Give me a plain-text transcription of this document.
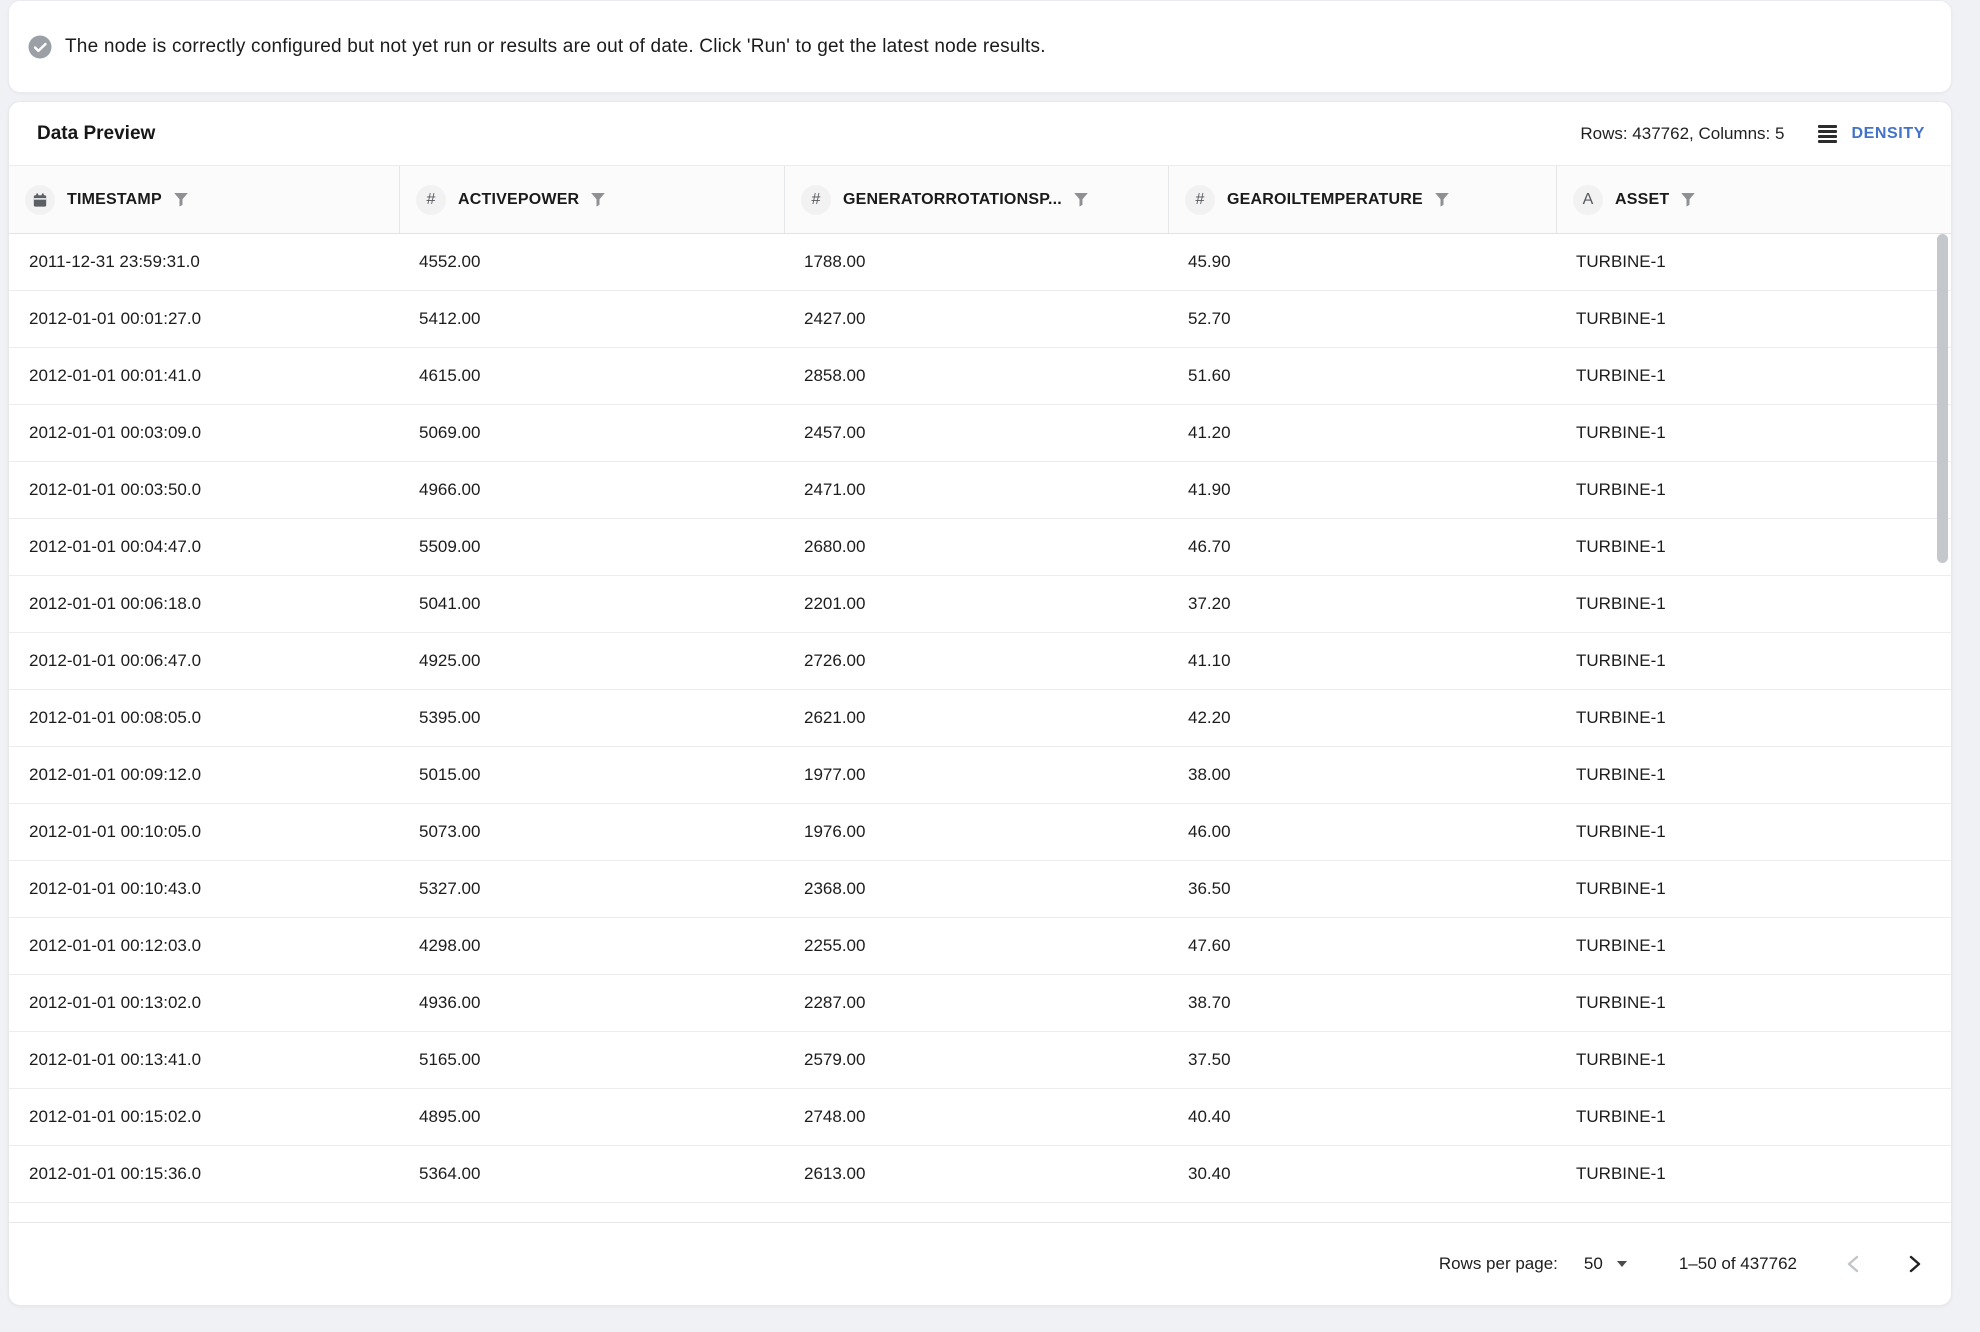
The node is correctly configured but not yet run or results are out of date. Click 'Run' to get the latest node results.
Data Preview	Rows: 437762, Columns: 5	DENSITY
TIMESTAMP	#	ACTIVEPOWER	#	GENERATORROTATIONSP...	#	GEAROILTEMPERATURE	A	ASSET
2011-12-31 23:59:31.0	4552.00	1788.00	45.90	TURBINE-1
2012-01-01 00:01:27.0	5412.00	2427.00	52.70	TURBINE-1
2012-01-01 00:01:41.0	4615.00	2858.00	51.60	TURBINE-1
2012-01-01 00:03:09.0	5069.00	2457.00	41.20	TURBINE-1
2012-01-01 00:03:50.0	4966.00	2471.00	41.90	TURBINE-1
2012-01-01 00:04:47.0	5509.00	2680.00	46.70	TURBINE-1
2012-01-01 00:06:18.0	5041.00	2201.00	37.20	TURBINE-1
2012-01-01 00:06:47.0	4925.00	2726.00	41.10	TURBINE-1
2012-01-01 00:08:05.0	5395.00	2621.00	42.20	TURBINE-1
2012-01-01 00:09:12.0	5015.00	1977.00	38.00	TURBINE-1
2012-01-01 00:10:05.0	5073.00	1976.00	46.00	TURBINE-1
2012-01-01 00:10:43.0	5327.00	2368.00	36.50	TURBINE-1
2012-01-01 00:12:03.0	4298.00	2255.00	47.60	TURBINE-1
2012-01-01 00:13:02.0	4936.00	2287.00	38.70	TURBINE-1
2012-01-01 00:13:41.0	5165.00	2579.00	37.50	TURBINE-1
2012-01-01 00:15:02.0	4895.00	2748.00	40.40	TURBINE-1
2012-01-01 00:15:36.0	5364.00	2613.00	30.40	TURBINE-1
Rows per page: 50	1–50 of 437762
